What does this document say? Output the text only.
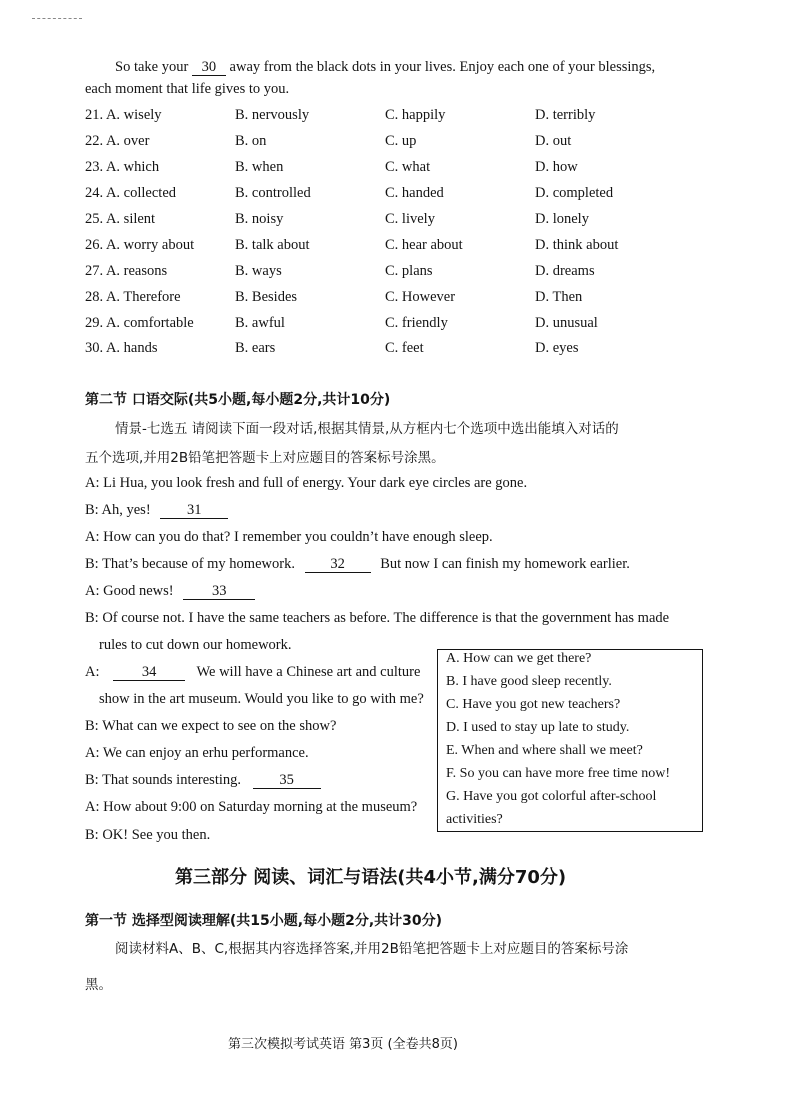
So take your 30 away from the black dots in your lives. Enjoy each one of your blessings,
each moment that life gives to you.
21. A. wisely	B. nervously	C. happily	D. terribly
22. A. over	B. on	C. up	D. out
23. A. which	B. when	C. what	D. how
24. A. collected	B. controlled	C. handed	D. completed
25. A. silent	B. noisy	C. lively	D. lonely
26. A. worry about	B. talk about	C. hear about	D. think about
27. A. reasons	B. ways	C. plans	D. dreams
28. A. Therefore	B. Besides	C. However	D. Then
29. A. comfortable	B. awful	C. friendly	D. unusual
30. A. hands	B. ears	C. feet	D. eyes
第二节 口语交际(共5小题,每小题2分,共计10分)
情景-七选五 请阅读下面一段对话,根据其情景,从方框内七个选项中选出能填入对话的
五个选项,并用2B铅笔把答题卡上对应题目的答案标号涂黑。
A: Li Hua, you look fresh and full of energy. Your dark eye circles are gone.
B: Ah, yes!	31
A: How can you do that? I remember you couldn’t have enough sleep.
B: That’s because of my homework. 32 But now I can finish my homework earlier.
A: Good news!	33
B: Of course not. I have the same teachers as before. The difference is that the government has made
rules to cut down our homework.
A:	34	We will have a Chinese art and culture
show in the art museum. Would you like to go with me?
B: What can we expect to see on the show?
A: We can enjoy an erhu performance.
B: That sounds interesting.	35
A: How about 9:00 on Saturday morning at the museum?
B: OK! See you then.
A. How can we get there?
B. I have good sleep recently.
C. Have you got new teachers?
D. I used to stay up late to study.
E. When and where shall we meet?
F. So you can have more free time now!
G. Have you got colorful after-school
activities?
第三部分 阅读、词汇与语法(共4小节,满分70分)
第一节 选择型阅读理解(共15小题,每小题2分,共计30分)
阅读材料A、B、C,根据其内容选择答案,并用2B铅笔把答题卡上对应题目的答案标号涂
黑。
第三次模拟考试英语 第3页 (全卷共8页)
